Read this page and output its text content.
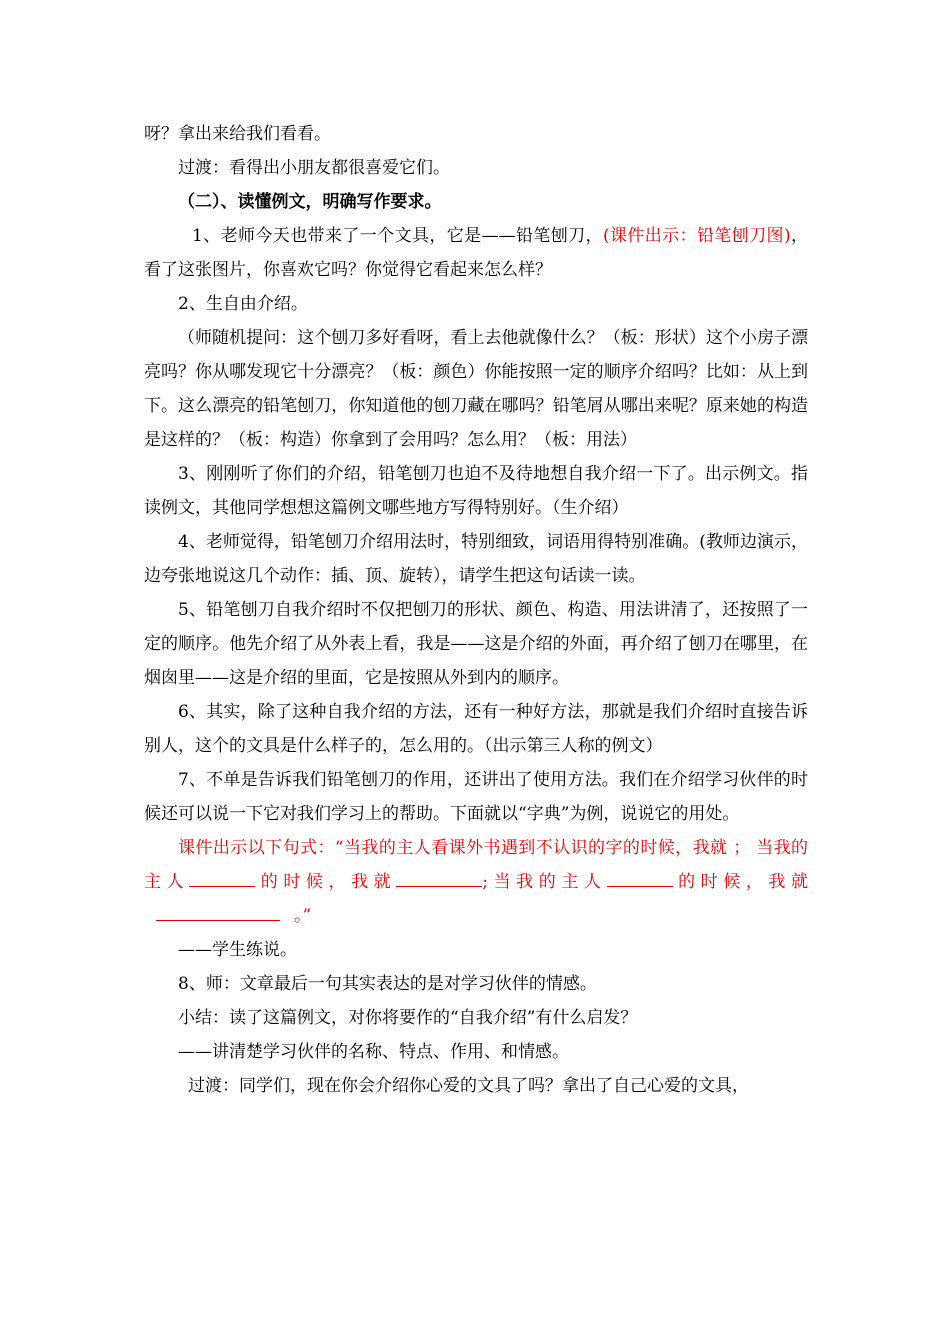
呀？拿出来给我们看看。

过渡：看得出小朋友都很喜爱它们。

（二）、读懂例文，明确写作要求。

1、老师今天也带来了一个文具，它是——铅笔刨刀，(课件出示：铅笔刨刀图)，看了这张图片，你喜欢它吗？你觉得它看起来怎么样？

2、生自由介绍。

（师随机提问：这个刨刀多好看呀，看上去他就像什么？（板：形状）这个小房子漂亮吗？你从哪发现它十分漂亮？（板：颜色）你能按照一定的顺序介绍吗？比如：从上到下。这么漂亮的铅笔刨刀，你知道他的刨刀藏在哪吗？铅笔屑从哪出来呢？原来她的构造是这样的？（板：构造）你拿到了会用吗？怎么用？（板：用法）

3、刚刚听了你们的介绍，铅笔刨刀也迫不及待地想自我介绍一下了。出示例文。指读例文，其他同学想想这篇例文哪些地方写得特别好。（生介绍）

4、老师觉得，铅笔刨刀介绍用法时，特别细致，词语用得特别准确。(教师边演示，边夸张地说这几个动作：插、顶、旋转），请学生把这句话读一读。

5、铅笔刨刀自我介绍时不仅把刨刀的形状、颜色、构造、用法讲清了，还按照了一定的顺序。他先介绍了从外表上看，我是——这是介绍的外面，再介绍了刨刀在哪里，在烟囱里——这是介绍的里面，它是按照从外到内的顺序。

6、其实，除了这种自我介绍的方法，还有一种好方法，那就是我们介绍时直接告诉别人，这个的文具是什么样子的，怎么用的。（出示第三人称的例文）

7、不单是告诉我们铅笔刨刀的作用，还讲出了使用方法。我们在介绍学习伙伴的时候还可以说一下它对我们学习上的帮助。下面就以“字典”为例，说说它的用处。

课件出示以下句式：“当我的主人看课外书遇到不认识的字的时候，我就 ； 当我的主人	的时候，我就	;当我的主人	的时候，我就。”

——学生练说。

8、师：文章最后一句其实表达的是对学习伙伴的情感。

小结：读了这篇例文，对你将要作的“自我介绍”有什么启发？

——讲清楚学习伙伴的名称、特点、作用、和情感。

过渡：同学们，现在你会介绍你心爱的文具了吗？拿出了自己心爱的文具，
